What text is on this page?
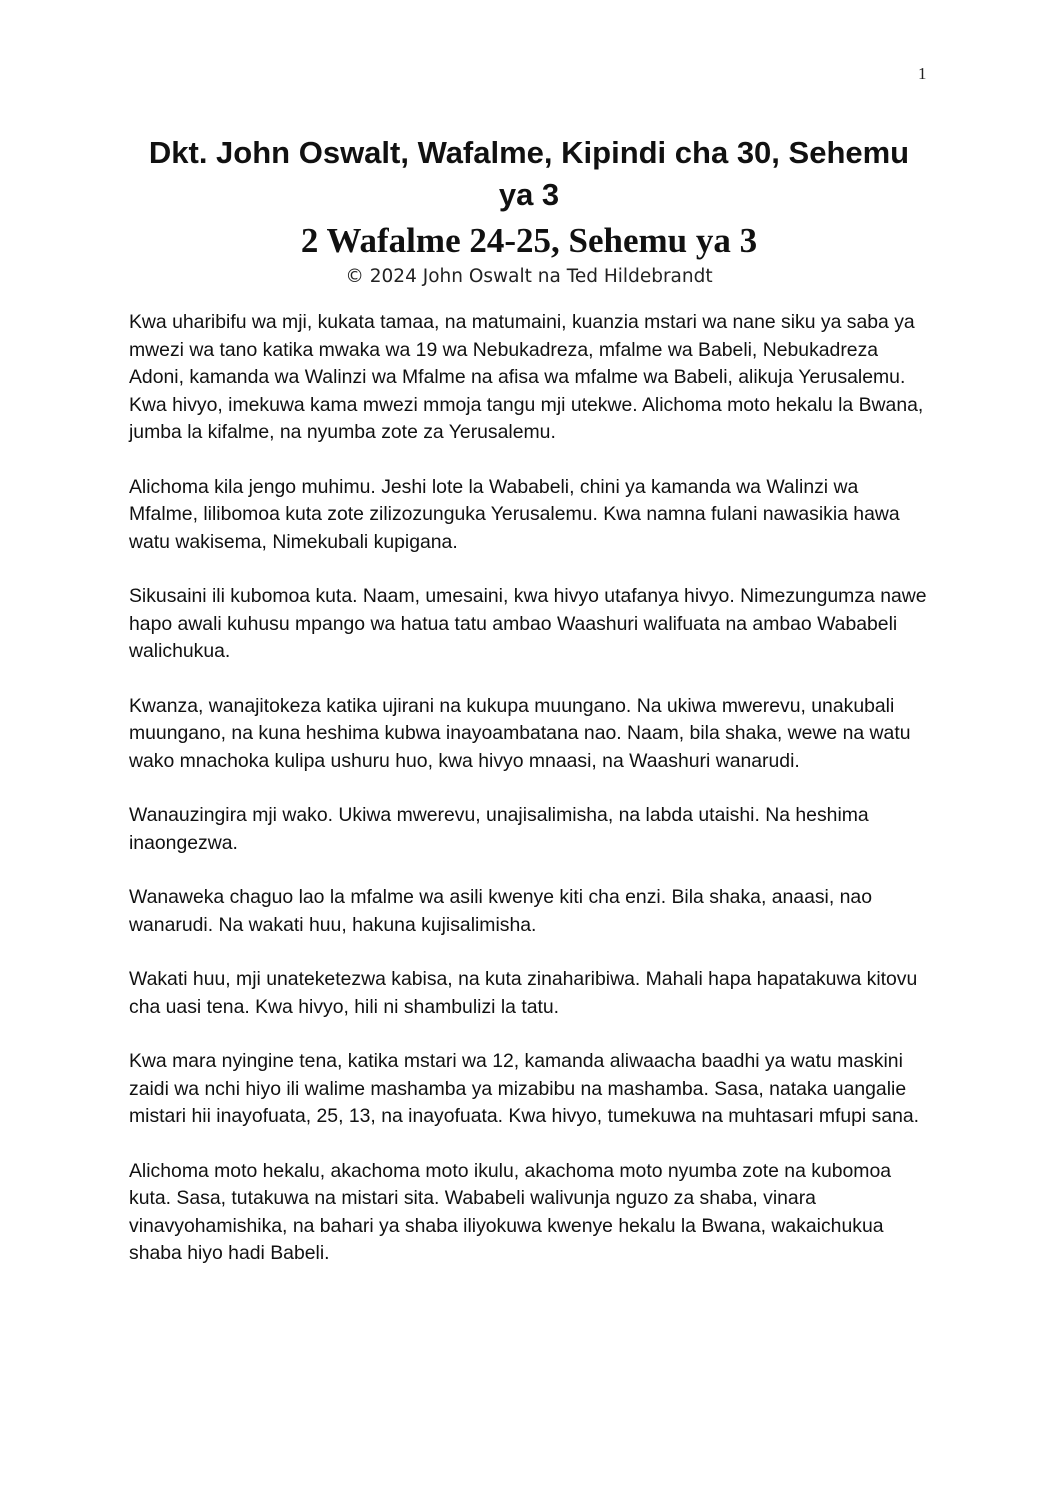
1
Dkt. John Oswalt, Wafalme, Kipindi cha 30, Sehemu ya 3
2 Wafalme 24-25, Sehemu ya 3
© 2024 John Oswalt na Ted Hildebrandt

Kwa uharibifu wa mji, kukata tamaa, na matumaini, kuanzia mstari wa nane siku ya saba ya mwezi wa tano katika mwaka wa 19 wa Nebukadreza, mfalme wa Babeli, Nebukadreza Adoni, kamanda wa Walinzi wa Mfalme na afisa wa mfalme wa Babeli, alikuja Yerusalemu. Kwa hivyo, imekuwa kama mwezi mmoja tangu mji utekwe. Alichoma moto hekalu la Bwana, jumba la kifalme, na nyumba zote za Yerusalemu.

Alichoma kila jengo muhimu. Jeshi lote la Wababeli, chini ya kamanda wa Walinzi wa Mfalme, lilibomoa kuta zote zilizozunguka Yerusalemu. Kwa namna fulani nawasikia hawa watu wakisema, Nimekubali kupigana.

Sikusaini ili kubomoa kuta. Naam, umesaini, kwa hivyo utafanya hivyo. Nimezungumza nawe hapo awali kuhusu mpango wa hatua tatu ambao Waashuri walifuata na ambao Wababeli walichukua.

Kwanza, wanajitokeza katika ujirani na kukupa muungano. Na ukiwa mwerevu, unakubali muungano, na kuna heshima kubwa inayoambatana nao. Naam, bila shaka, wewe na watu wako mnachoka kulipa ushuru huo, kwa hivyo mnaasi, na Waashuri wanarudi.

Wanauzingira mji wako. Ukiwa mwerevu, unajisalimisha, na labda utaishi. Na heshima inaongezwa.

Wanaweka chaguo lao la mfalme wa asili kwenye kiti cha enzi. Bila shaka, anaasi, nao wanarudi. Na wakati huu, hakuna kujisalimisha.

Wakati huu, mji unateketezwa kabisa, na kuta zinaharibiwa. Mahali hapa hapatakuwa kitovu cha uasi tena. Kwa hivyo, hili ni shambulizi la tatu.

Kwa mara nyingine tena, katika mstari wa 12, kamanda aliwaacha baadhi ya watu maskini zaidi wa nchi hiyo ili walime mashamba ya mizabibu na mashamba. Sasa, nataka uangalie mistari hii inayofuata, 25, 13, na inayofuata. Kwa hivyo, tumekuwa na muhtasari mfupi sana.

Alichoma moto hekalu, akachoma moto ikulu, akachoma moto nyumba zote na kubomoa kuta. Sasa, tutakuwa na mistari sita. Wababeli walivunja nguzo za shaba, vinara vinavyohamishika, na bahari ya shaba iliyokuwa kwenye hekalu la Bwana, wakaichukua shaba hiyo hadi Babeli.
